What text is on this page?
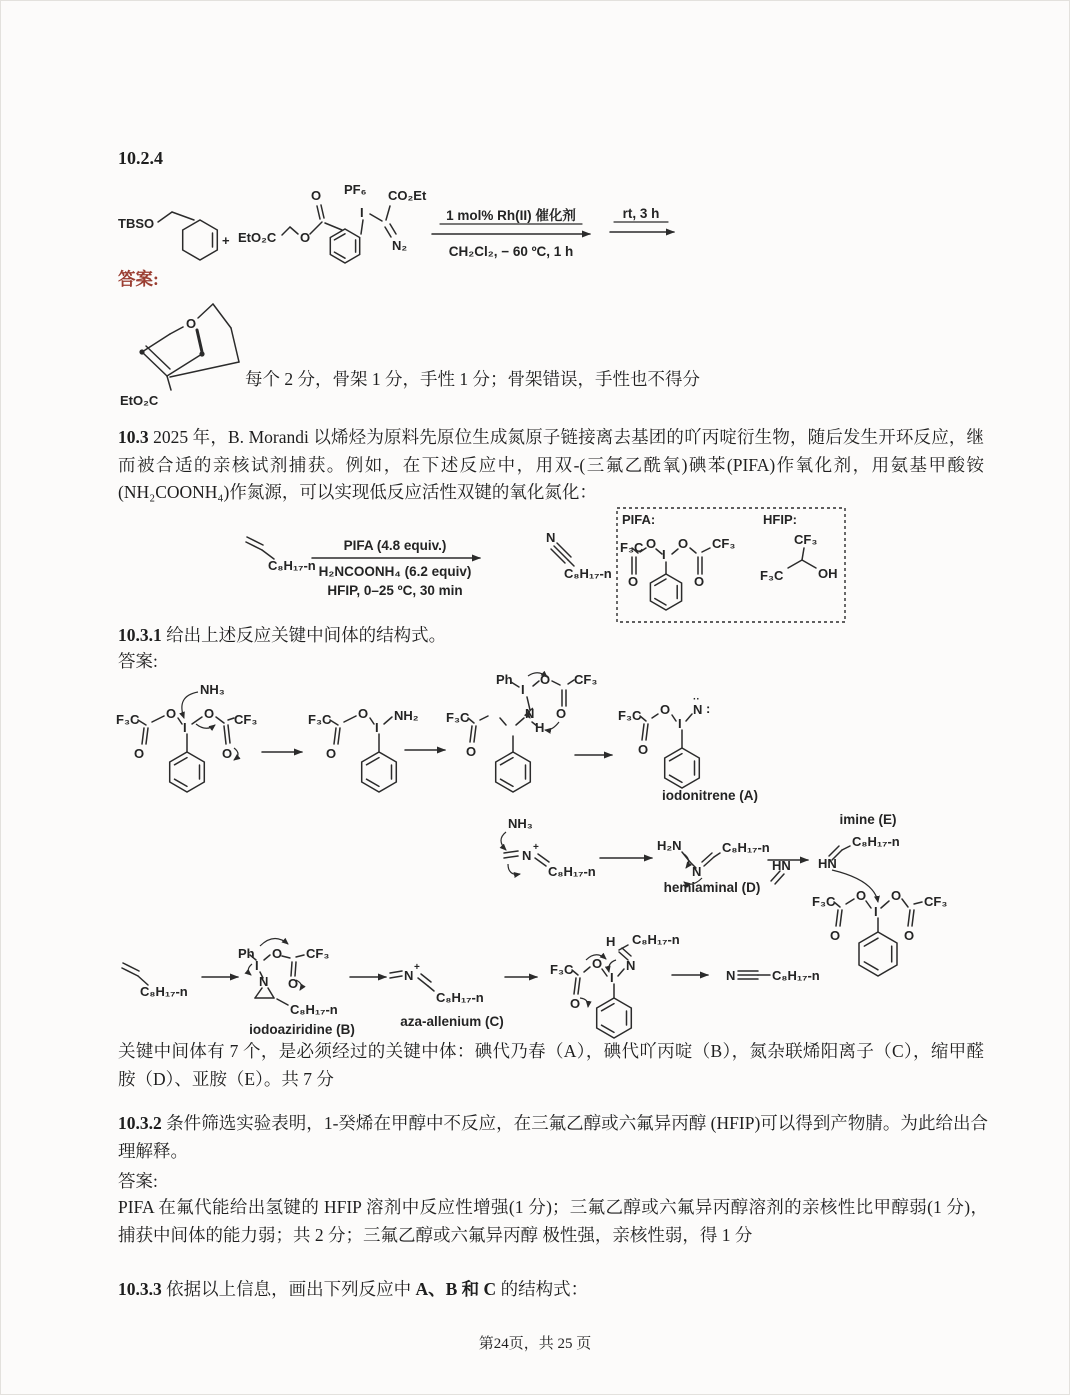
10.2.4
TBSO
+ EtO₂C O
O PF₆
I
CO₂Et
N₂
1 mol% Rh(II) 催化剂
CH₂Cl₂, − 60 ºC, 1 h
rt, 3 h
答案:
O
EtO₂C
每个 2 分，骨架 1 分，手性 1 分；骨架错误，手性也不得分
10.3 2025 年，B. Morandi 以烯烃为原料先原位生成氮原子链接离去基团的吖丙啶衍生物，随后发生开环反应，继而被合适的亲核试剂捕获。例如，在下述反应中，用双-(三氟乙酰氧)碘苯(PIFA)作氧化剂，用氨基甲酸铵(NH₂COONH₄)作氮源，可以实现低反应活性双键的氧化氮化：
C₈H₁₇-n
PIFA (4.8 equiv.)
H₂NCOONH₄ (6.2 equiv)
HFIP, 0–25 ºC, 30 min
N
C₈H₁₇-n
PIFA:
F₃C
O
O
I
O
O
CF₃
HFIP:
CF₃
F₃C	OH
10.3.1 给出上述反应关键中间体的结构式。
答案:
NH₃
F₃C
O
O
I
O CF₃
O
F₃C
O
O
I
NH₂
Ph
I
O CF₃
O
N
H
F₃C
O
F₃C
O
O
I
N
··
:
iodonitrene (A)
NH₃
N
+
C₈H₁₇-n
H₂N
N
C₈H₁₇-n
hemiaminal (D)
HN
imine (E)
C₈H₁₇-n
HN
F₃C
O
O
I
O
O
CF₃
C₈H₁₇-n
Ph
I
O CF₃
N O
C₈H₁₇-n
iodoaziridine (B)
N
+
C₈H₁₇-n
aza-allenium (C)
H C₈H₁₇-n
F₃C
O
O
I
N
N	C₈H₁₇-n
关键中间体有 7 个，是必须经过的关键中体：碘代乃春（A），碘代吖丙啶（B），氮杂联烯阳离子（C），缩甲醛胺（D）、亚胺（E）。共 7 分
10.3.2 条件筛选实验表明，1-癸烯在甲醇中不反应，在三氟乙醇或六氟异丙醇 (HFIP)可以得到产物腈。为此给出合理解释。
答案:
PIFA 在氟代能给出氢键的 HFIP 溶剂中反应性增强(1 分)；三氟乙醇或六氟异丙醇溶剂的亲核性比甲醇弱(1 分)，捕获中间体的能力弱；共 2 分；三氟乙醇或六氟异丙醇 极性强，亲核性弱，得 1 分
10.3.3 依据以上信息，画出下列反应中 A、B 和 C 的结构式：
第24页，共 25 页
